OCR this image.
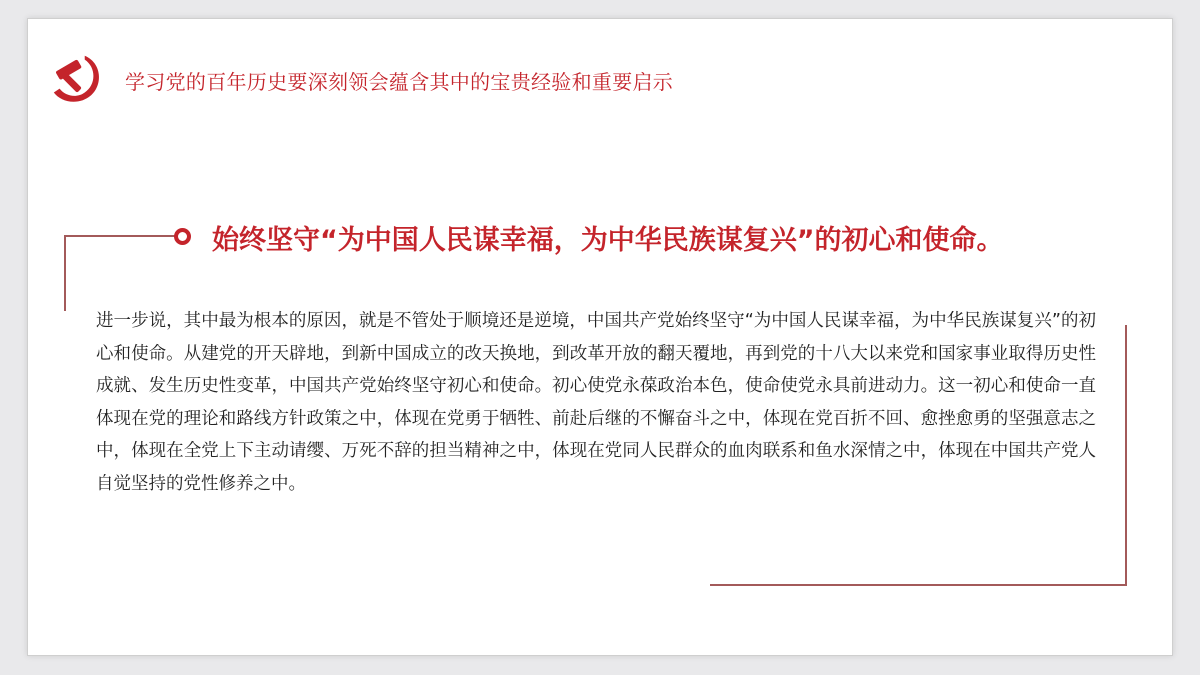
学习党的百年历史要深刻领会蕴含其中的宝贵经验和重要启示
始终坚守“为中国人民谋幸福，为中华民族谋复兴”的初心和使命。
进一步说，其中最为根本的原因，就是不管处于顺境还是逆境，中国共产党始终坚守“为中国人民谋幸福，为中华民族谋复兴”的初心和使命。从建党的开天辟地，到新中国成立的改天换地，到改革开放的翻天覆地，再到党的十八大以来党和国家事业取得历史性成就、发生历史性变革，中国共产党始终坚守初心和使命。初心使党永葆政治本色，使命使党永具前进动力。这一初心和使命一直体现在党的理论和路线方针政策之中，体现在党勇于牺牲、前赴后继的不懈奋斗之中，体现在党百折不回、愈挫愈勇的坚强意志之中，体现在全党上下主动请缨、万死不辞的担当精神之中，体现在党同人民群众的血肉联系和鱼水深情之中，体现在中国共产党人自觉坚持的党性修养之中。
